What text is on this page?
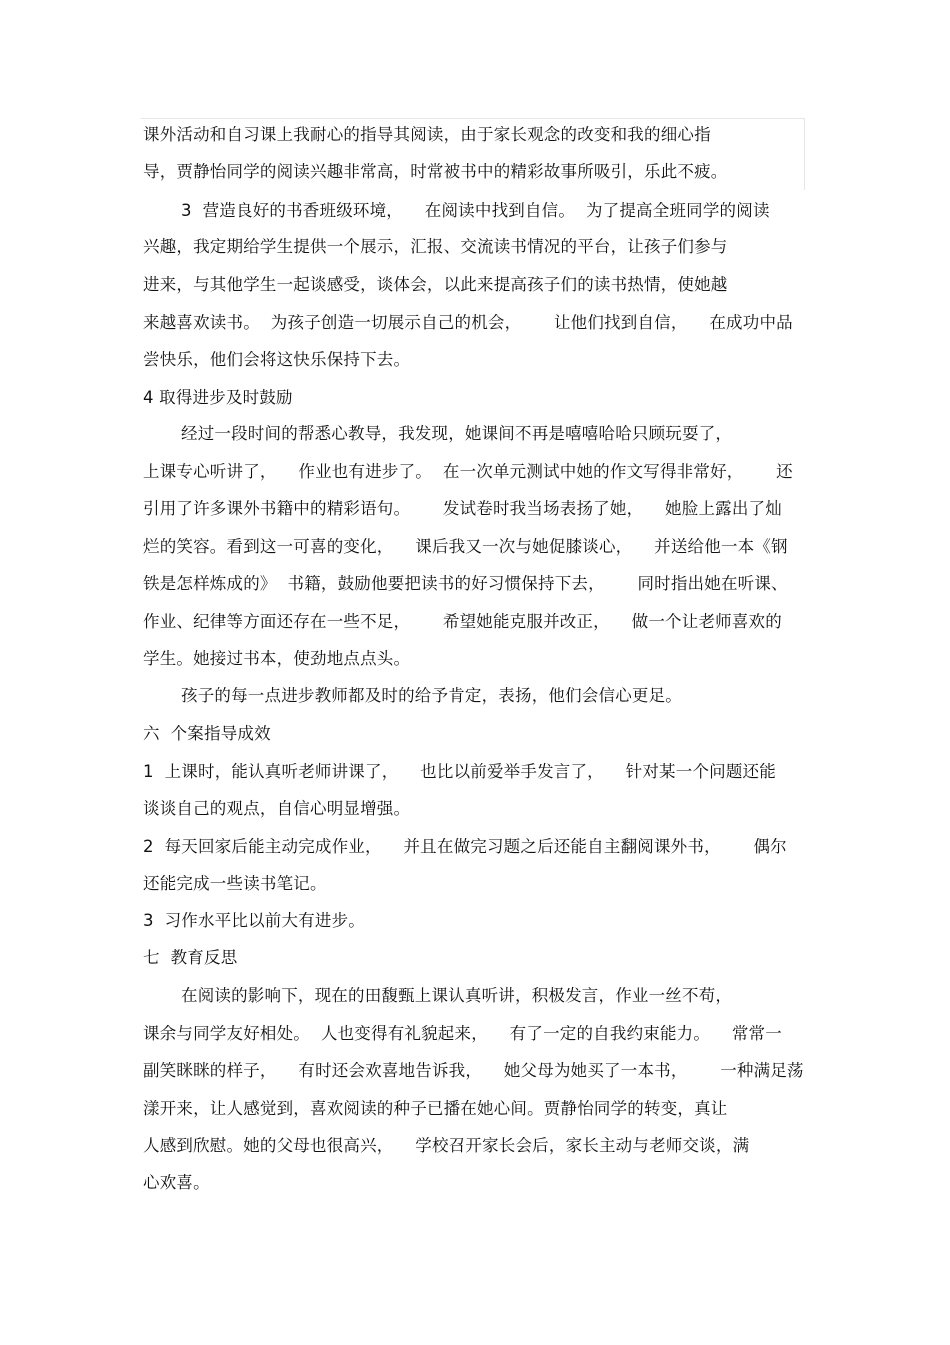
课外活动和自习课上我耐心的指导其阅读，由于家长观念的改变和我的细心指
导，贾静怡同学的阅读兴趣非常高，时常被书中的精彩故事所吸引，乐此不疲。
3  营造良好的书香班级环境，    在阅读中找到自信。  为了提高全班同学的阅读
兴趣，我定期给学生提供一个展示，汇报、交流读书情况的平台，让孩子们参与
进来，与其他学生一起谈感受，谈体会，以此来提高孩子们的读书热情，使她越
来越喜欢读书。  为孩子创造一切展示自己的机会，      让他们找到自信，    在成功中品
尝快乐，他们会将这快乐保持下去。
4 取得进步及时鼓励
经过一段时间的帮悉心教导，我发现，她课间不再是嘻嘻哈哈只顾玩耍了，
上课专心听讲了，    作业也有进步了。  在一次单元测试中她的作文写得非常好，      还
引用了许多课外书籍中的精彩语句。      发试卷时我当场表扬了她，    她脸上露出了灿
烂的笑容。看到这一可喜的变化，    课后我又一次与她促膝谈心，    并送给他一本《钢
铁是怎样炼成的》  书籍，鼓励他要把读书的好习惯保持下去，      同时指出她在听课、
作业、纪律等方面还存在一些不足，      希望她能克服并改正，    做一个让老师喜欢的
学生。她接过书本，使劲地点点头。
孩子的每一点进步教师都及时的给予肯定，表扬，他们会信心更足。
六  个案指导成效
1  上课时，能认真听老师讲课了，    也比以前爱举手发言了，    针对某一个问题还能
谈谈自己的观点，自信心明显增强。
2  每天回家后能主动完成作业，    并且在做完习题之后还能自主翻阅课外书，      偶尔
还能完成一些读书笔记。
3  习作水平比以前大有进步。
七  教育反思
在阅读的影响下，现在的田馥甄上课认真听讲，积极发言，作业一丝不苟，
课余与同学友好相处。  人也变得有礼貌起来，    有了一定的自我约束能力。    常常一
副笑眯眯的样子，    有时还会欢喜地告诉我，    她父母为她买了一本书，      一种满足荡
漾开来，让人感觉到，喜欢阅读的种子已播在她心间。贾静怡同学的转变，真让
人感到欣慰。她的父母也很高兴，    学校召开家长会后，家长主动与老师交谈，满
心欢喜。
